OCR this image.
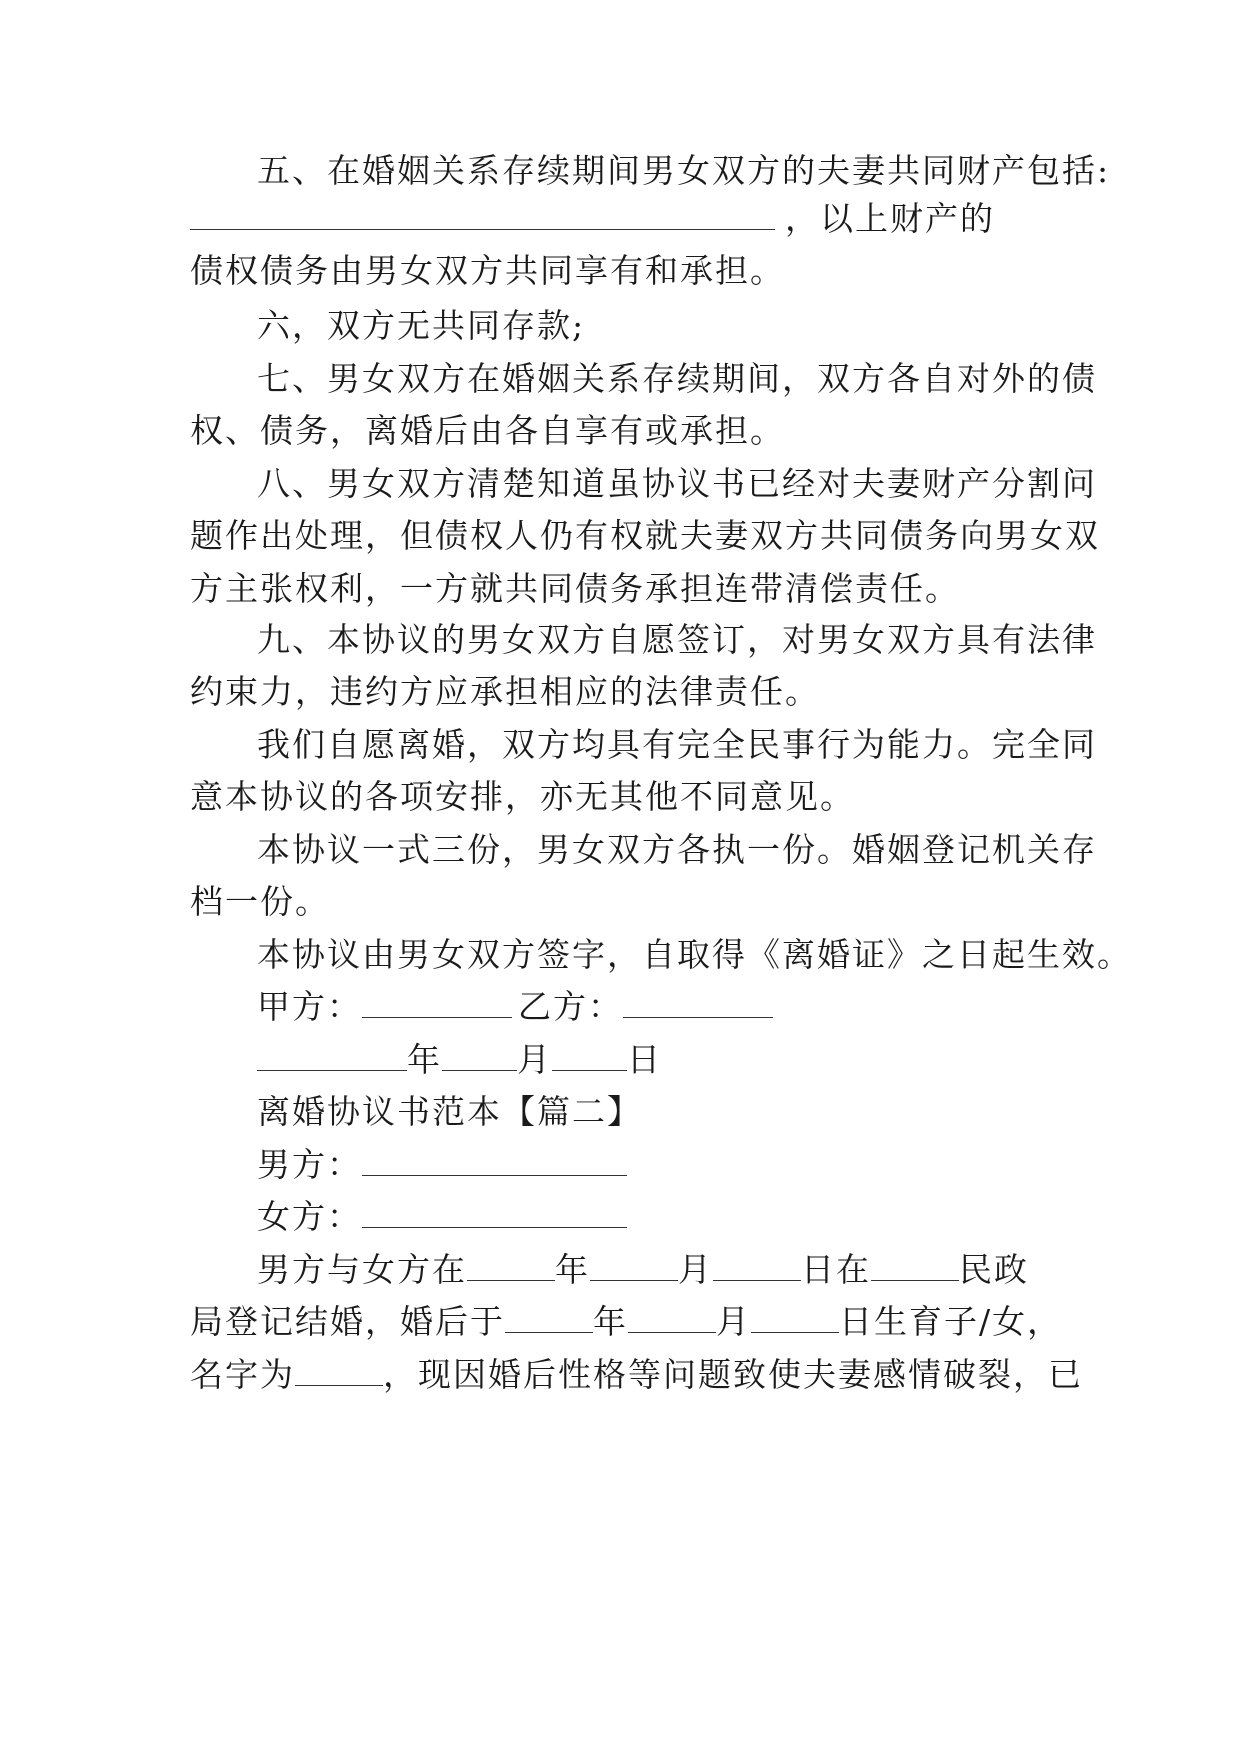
五、在婚姻关系存续期间男女双方的夫妻共同财产包括:
，以上财产的
债权债务由男女双方共同享有和承担。
六，双方无共同存款;
七、男女双方在婚姻关系存续期间，双方各自对外的债
权、债务，离婚后由各自享有或承担。
八、男女双方清楚知道虽协议书已经对夫妻财产分割问
题作出处理，但债权人仍有权就夫妻双方共同债务向男女双
方主张权利，一方就共同债务承担连带清偿责任。
九、本协议的男女双方自愿签订，对男女双方具有法律
约束力，违约方应承担相应的法律责任。
我们自愿离婚，双方均具有完全民事行为能力。完全同
意本协议的各项安排，亦无其他不同意见。
本协议一式三份，男女双方各执一份。婚姻登记机关存
档一份。
本协议由男女双方签字，自取得《离婚证》之日起生效。
甲方：	乙方：
年 月 日
离婚协议书范本【篇二】
男方：
女方：
男方与女方在	年	月	日在	民政
局登记结婚，婚后于	年	月	日生育子/女，
名字为	，现因婚后性格等问题致使夫妻感情破裂，已
